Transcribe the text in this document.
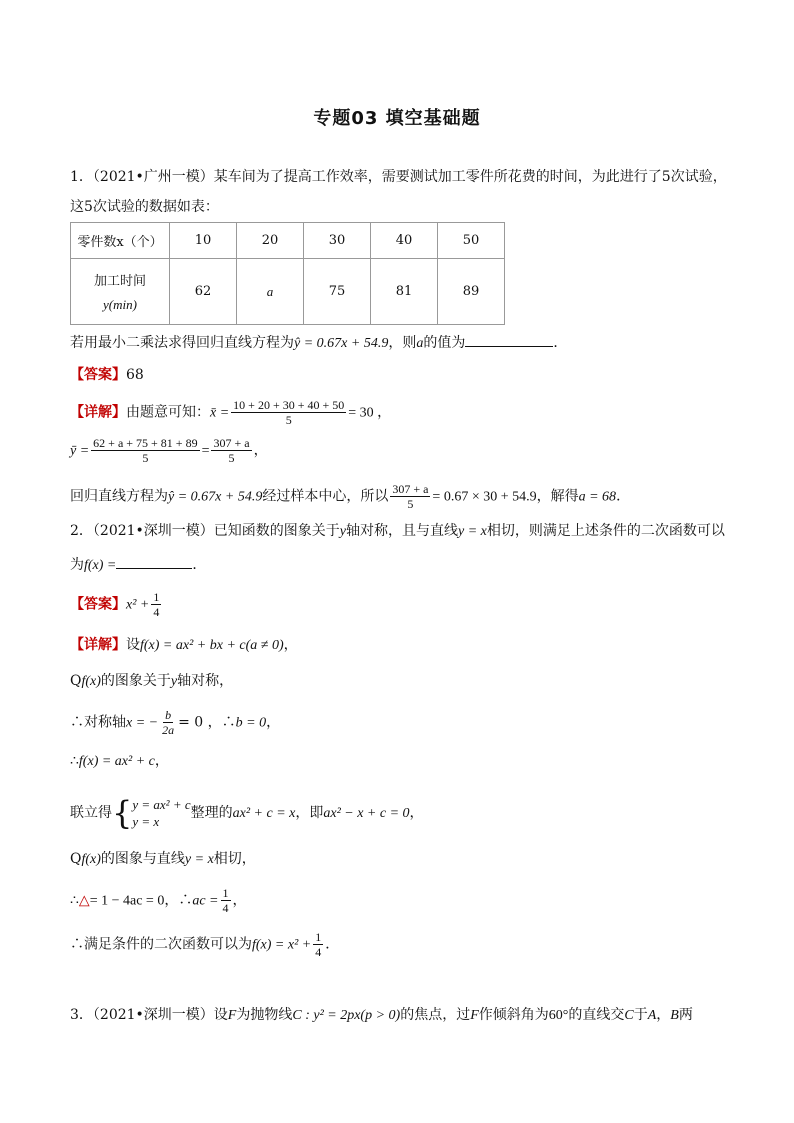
专题03 填空基础题
1．（2021•广州一模）某车间为了提高工作效率，需要测试加工零件所花费的时间，为此进行了5次试验，
这5次试验的数据如表：
零件数x（个）	10	20	30	40	50

加工时间
y(min)	62	a	75	81	89
若用最小二乘法求得回归直线方程为ŷ = 0.67x + 54.9，则a的值为	．
【答案】68
【详解】由题意可知：x̄ = $\frac{10 + 20 + 30 + 40 + 50}{5} = 30$ ，
ȳ = $\frac{62 + a + 75 + 81 + 89}{5} = \frac{307 + a}{5}$ ，
回归直线方程为ŷ = 0.67x + 54.9经过样本中心，所以 $\frac{307 + a}{5} = 0.67 \times 30 + 54.9$，解得a = 68．
2．（2021•深圳一模）已知函数的图象关于y轴对称，且与直线y = x相切，则满足上述条件的二次函数可以
为f(x) =	．
【答案】$x^2 + \frac{1}{4}$
【详解】设f(x) = ax² + bx + c(a ≠ 0)，
Qf(x)的图象关于y轴对称，
∴对称轴x = − $\frac{b}{2a} = 0$ ，∴b = 0，
∴f(x) = ax² + c，
联立得{ y = ax² + c
y = x
整理的ax² + c = x，即ax² − x + c = 0，
Qf(x)的图象与直线y = x相切，
∴△= 1 − 4ac = 0，∴ac = $\frac{1}{4}$ ，
∴满足条件的二次函数可以为$f(x) = x^2 + \frac{1}{4}$ ．
3．（2021•深圳一模）设F为抛物线C : y² = 2px(p > 0)的焦点，过F作倾斜角为60°的直线交C于A，B两
